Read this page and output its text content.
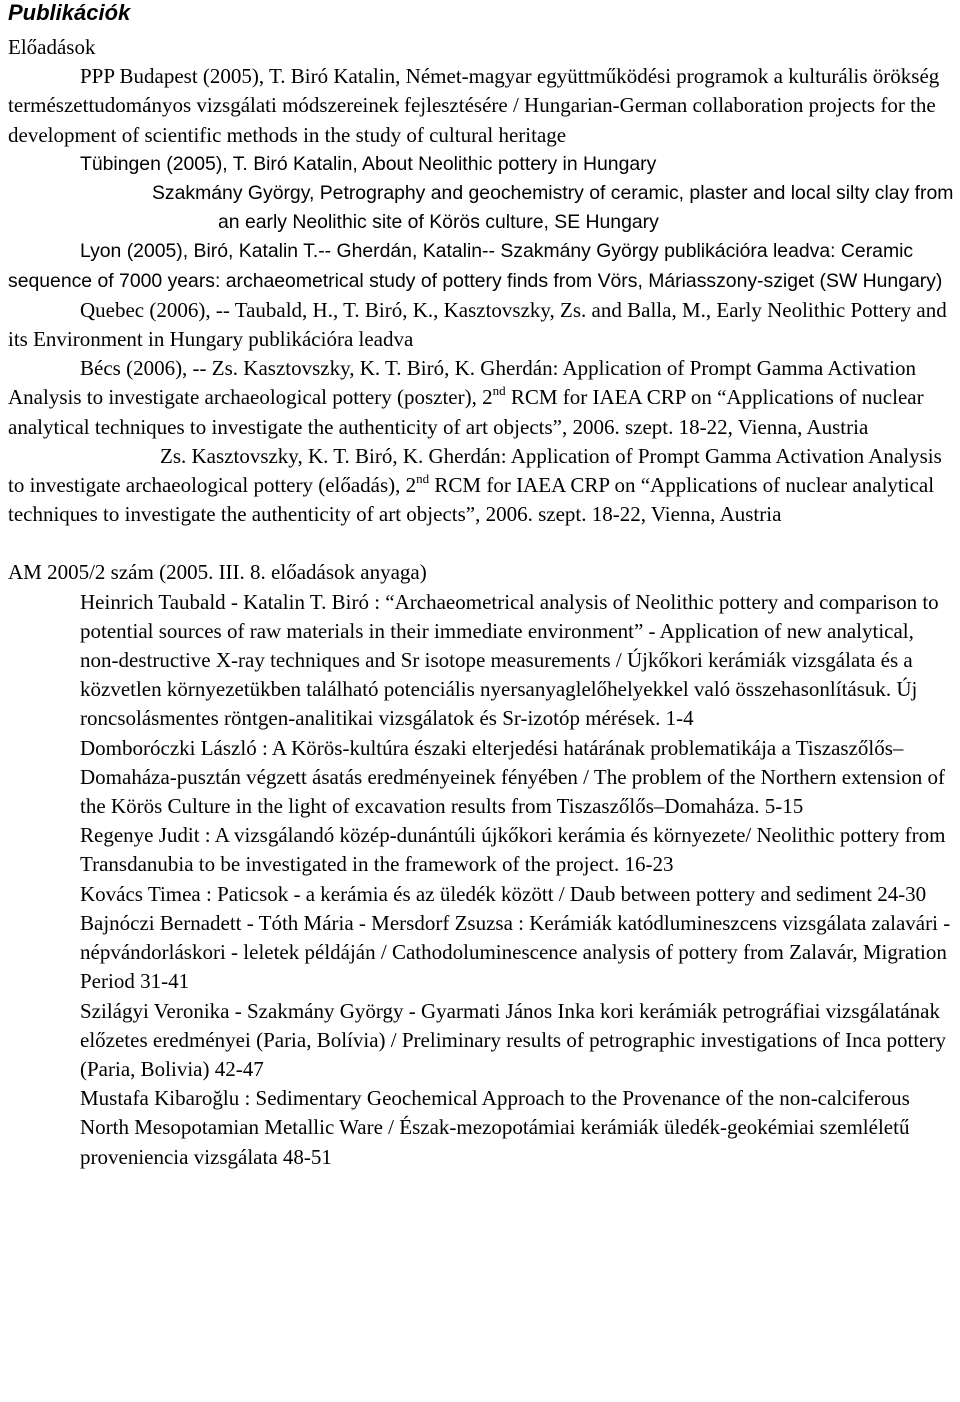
Publikációk
Előadások

PPP Budapest (2005), T. Biró Katalin, Német-magyar együttműködési programok a kulturális örökség természettudományos vizsgálati módszereinek fejlesztésére / Hungarian-German collaboration projects for the development of scientific methods in the study of cultural heritage

Tübingen (2005), T. Biró Katalin, About Neolithic pottery in Hungary

Szakmány György, Petrography and geochemistry of ceramic, plaster and local silty clay from an early Neolithic site of Körös culture, SE Hungary

Lyon (2005), Biró, Katalin T.-- Gherdán, Katalin-- Szakmány György publikációra leadva: Ceramic sequence of 7000 years: archaeometrical study of pottery finds from Vörs, Máriasszony-sziget (SW Hungary)

Quebec (2006), -- Taubald, H., T. Biró, K., Kasztovszky, Zs. and Balla, M., Early Neolithic Pottery and its Environment in Hungary publikációra leadva

Bécs (2006), -- Zs. Kasztovszky, K. T. Biró, K. Gherdán: Application of Prompt Gamma Activation Analysis to investigate archaeological pottery (poszter), 2nd RCM for IAEA CRP on “Applications of nuclear analytical techniques to investigate the authenticity of art objects”, 2006. szept. 18-22, Vienna, Austria

Zs. Kasztovszky, K. T. Biró, K. Gherdán: Application of Prompt Gamma Activation Analysis to investigate archaeological pottery (előadás), 2nd RCM for IAEA CRP on “Applications of nuclear analytical techniques to investigate the authenticity of art objects”, 2006. szept. 18-22, Vienna, Austria

AM 2005/2 szám (2005. III. 8. előadások anyaga)

Heinrich Taubald - Katalin T. Biró : “Archaeometrical analysis of Neolithic pottery and comparison to potential sources of raw materials in their immediate environment” - Application of new analytical, non-destructive X-ray techniques and Sr isotope measurements / Újkőkori kerámiák vizsgálata és a közvetlen környezetükben található potenciális nyersanyaglelőhelyekkel való összehasonlításuk. Új roncsolásmentes röntgen-analitikai vizsgálatok és Sr-izotóp mérések. 1-4

Domboróczki László : A Körös-kultúra északi elterjedési határának problematikája a Tiszaszőlős–Domaháza-pusztán végzett ásatás eredményeinek fényében / The problem of the Northern extension of the Körös Culture in the light of excavation results from Tiszaszőlős–Domaháza. 5-15

Regenye Judit : A vizsgálandó közép-dunántúli újkőkori kerámia és környezete/ Neolithic pottery from Transdanubia to be investigated in the framework of the project. 16-23

Kovács Timea : Paticsok - a kerámia és az üledék között / Daub between pottery and sediment 24-30

Bajnóczi Bernadett - Tóth Mária - Mersdorf Zsuzsa : Kerámiák katódlumineszcens vizsgálata zalavári - népvándorláskori - leletek példáján / Cathodoluminescence analysis of pottery from Zalavár, Migration Period 31-41

Szilágyi Veronika - Szakmány György - Gyarmati János Inka kori kerámiák petrográfiai vizsgálatának előzetes eredményei (Paria, Bolívia) / Preliminary results of petrographic investigations of Inca pottery (Paria, Bolivia) 42-47

Mustafa Kibaroğlu : Sedimentary Geochemical Approach to the Provenance of the non-calciferous North Mesopotamian Metallic Ware / Észak-mezopotámiai kerámiák üledék-geokémiai szemléletű proveniencia vizsgálata 48-51
